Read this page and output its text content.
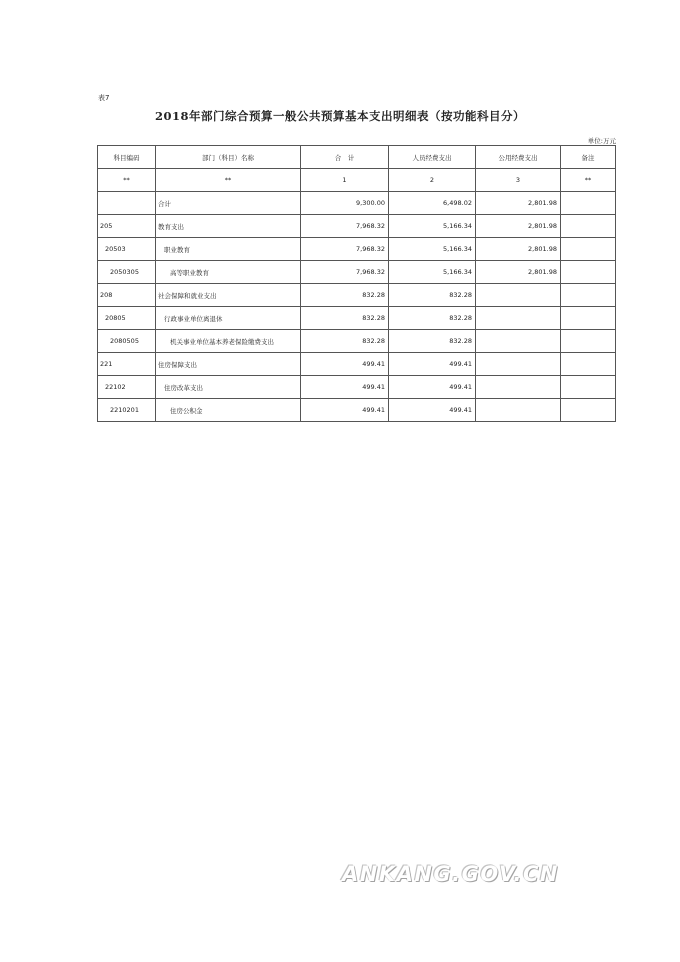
表7
2018年部门综合预算一般公共预算基本支出明细表（按功能科目分）
单位:万元
科目编码	部门（科目）名称	合　计	人员经费支出	公用经费支出	备注
**	**	1	2	3	**
	合计	9,300.00	6,498.02	2,801.98	
205	教育支出	7,968.32	5,166.34	2,801.98	
20503	职业教育	7,968.32	5,166.34	2,801.98	
2050305	高等职业教育	7,968.32	5,166.34	2,801.98	
208	社会保障和就业支出	832.28	832.28		
20805	行政事业单位离退休	832.28	832.28		
2080505	机关事业单位基本养老保险缴费支出	832.28	832.28		
221	住房保障支出	499.41	499.41		
22102	住房改革支出	499.41	499.41		
2210201	住房公积金	499.41	499.41		
ANKANG.GOV.CN
